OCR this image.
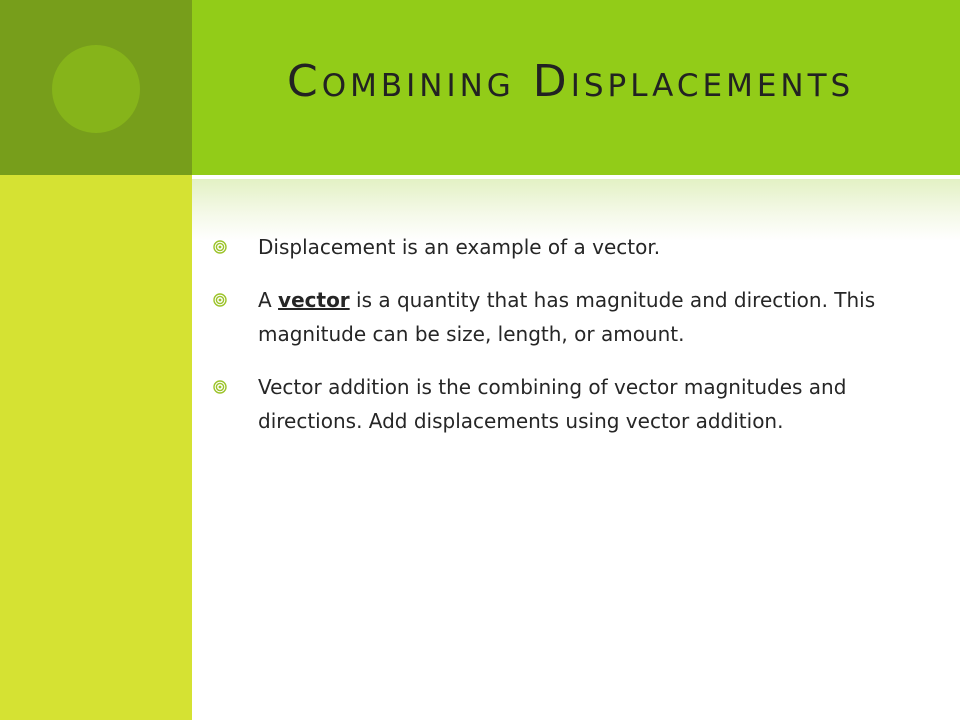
Combining Displacements
Displacement is an example of a vector.
A vector is a quantity that has magnitude and direction. This magnitude can be size, length, or amount.
Vector addition is the combining of vector magnitudes and directions. Add displacements using vector addition.
